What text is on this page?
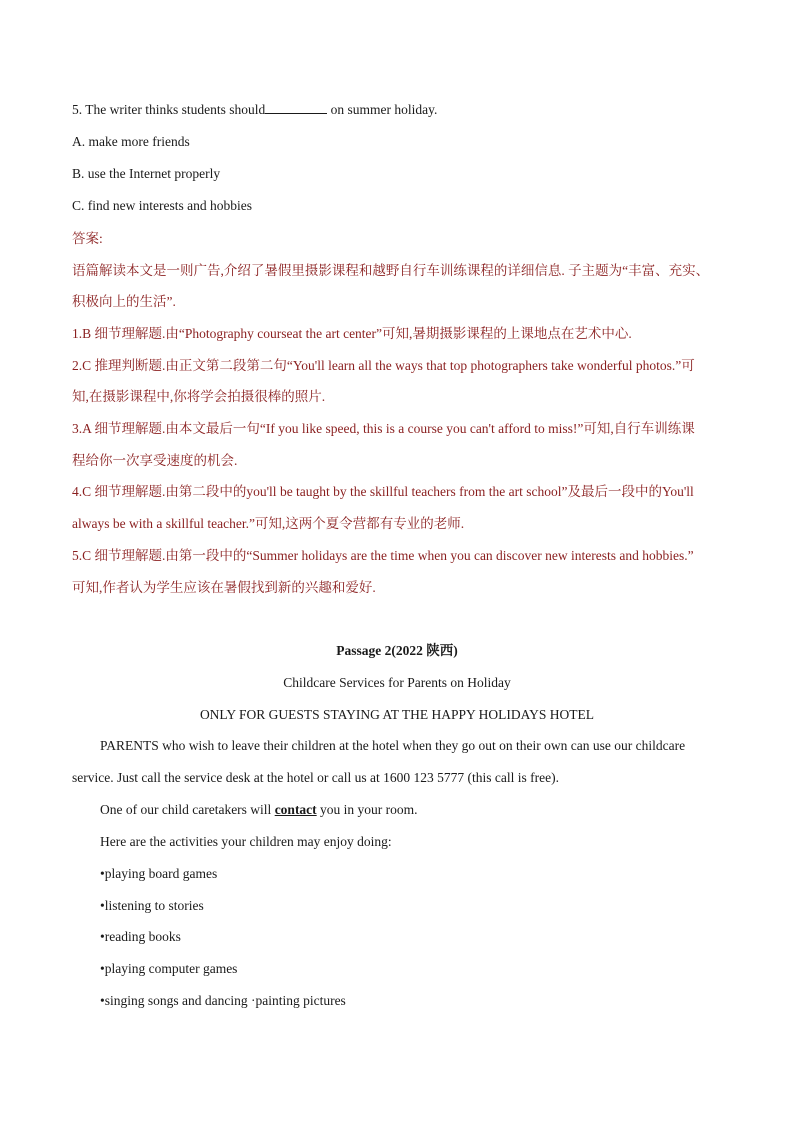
5. The writer thinks students should	on summer holiday.
A. make more friends
B. use the Internet properly
C. find new interests and hobbies
答案:
语篇解读本文是一则广告,介绍了暑假里摄影课程和越野自行车训练课程的详细信息. 子主题为“丰富、充实、
积极向上的生活”.
1.B 细节理解题.由“Photography courseat the art center”可知,暑期摄影课程的上课地点在艺术中心.
2.C 推理判断题.由正文第二段第二句“You'll learn all the ways that top photographers take wonderful photos.”可
知,在摄影课程中,你将学会拍摄很棒的照片.
3.A 细节理解题.由本文最后一句“If you like speed, this is a course you can't afford to miss!”可知,自行车训练课
程给你一次享受速度的机会.
4.C 细节理解题.由第二段中的you'll be taught by the skillful teachers from the art school”及最后一段中的You'll
always be with a skillful teacher.”可知,这两个夏令营都有专业的老师.
5.C 细节理解题.由第一段中的“Summer holidays are the time when you can discover new interests and hobbies.”
可知,作者认为学生应该在暑假找到新的兴趣和爱好.
Passage 2(2022 陕西)
Childcare Services for Parents on Holiday
ONLY FOR GUESTS STAYING AT THE HAPPY HOLIDAYS HOTEL
PARENTS who wish to leave their children at the hotel when they go out on their own can use our childcare
service. Just call the service desk at the hotel or call us at 1600 123 5777 (this call is free).
One of our child caretakers will contact you in your room.
Here are the activities your children may enjoy doing:
•playing board games
•listening to stories
•reading books
•playing computer games
•singing songs and dancing ·painting pictures
